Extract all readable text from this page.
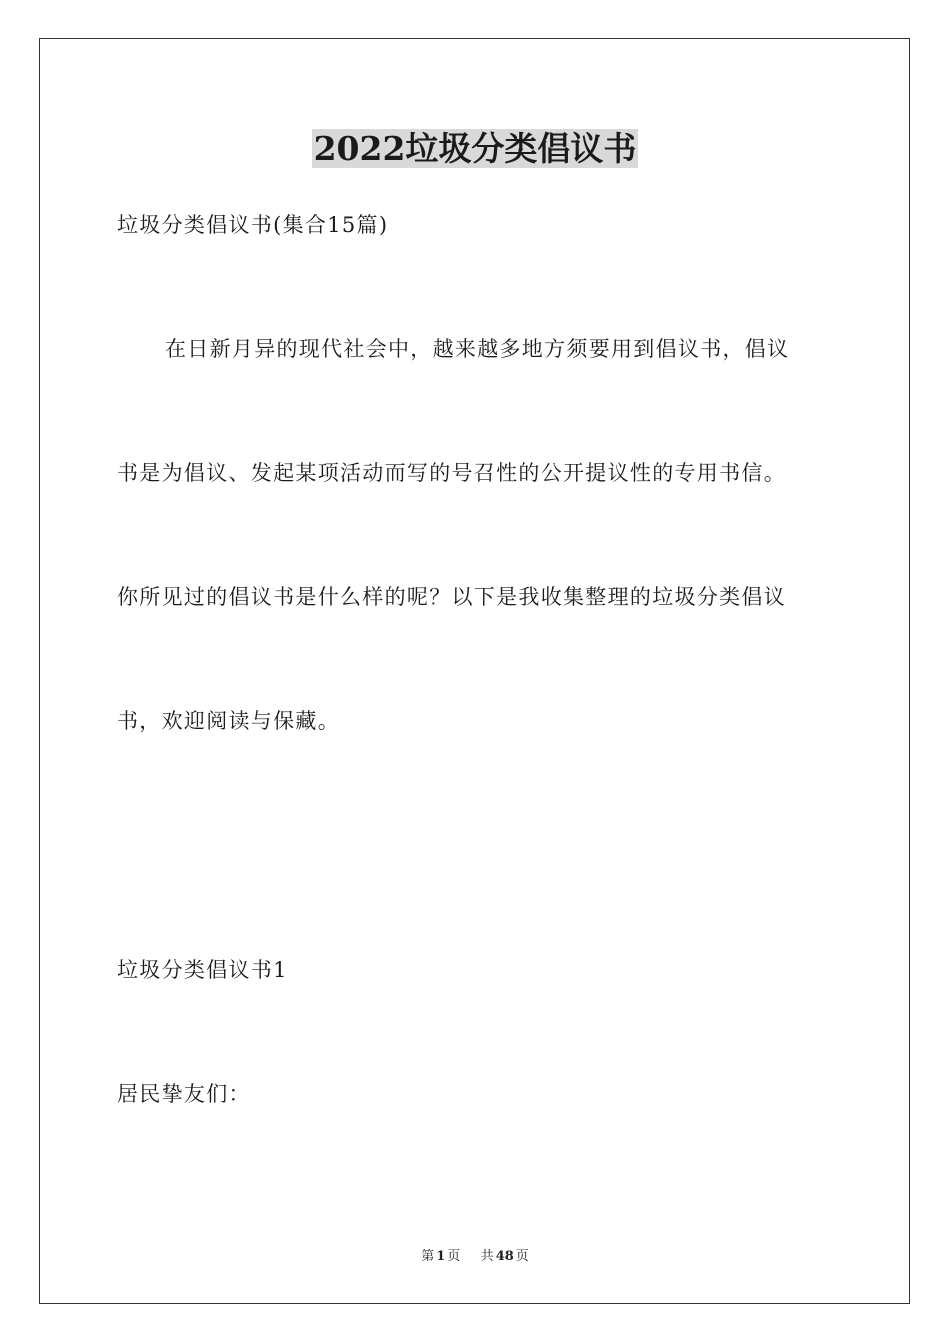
2022垃圾分类倡议书

垃圾分类倡议书(集合15篇)

在日新月异的现代社会中，越来越多地方须要用到倡议书，倡议

书是为倡议、发起某项活动而写的号召性的公开提议性的专用书信。

你所见过的倡议书是什么样的呢？以下是我收集整理的垃圾分类倡议

书，欢迎阅读与保藏。

垃圾分类倡议书1

居民挚友们：

第 1 页 共 48 页
